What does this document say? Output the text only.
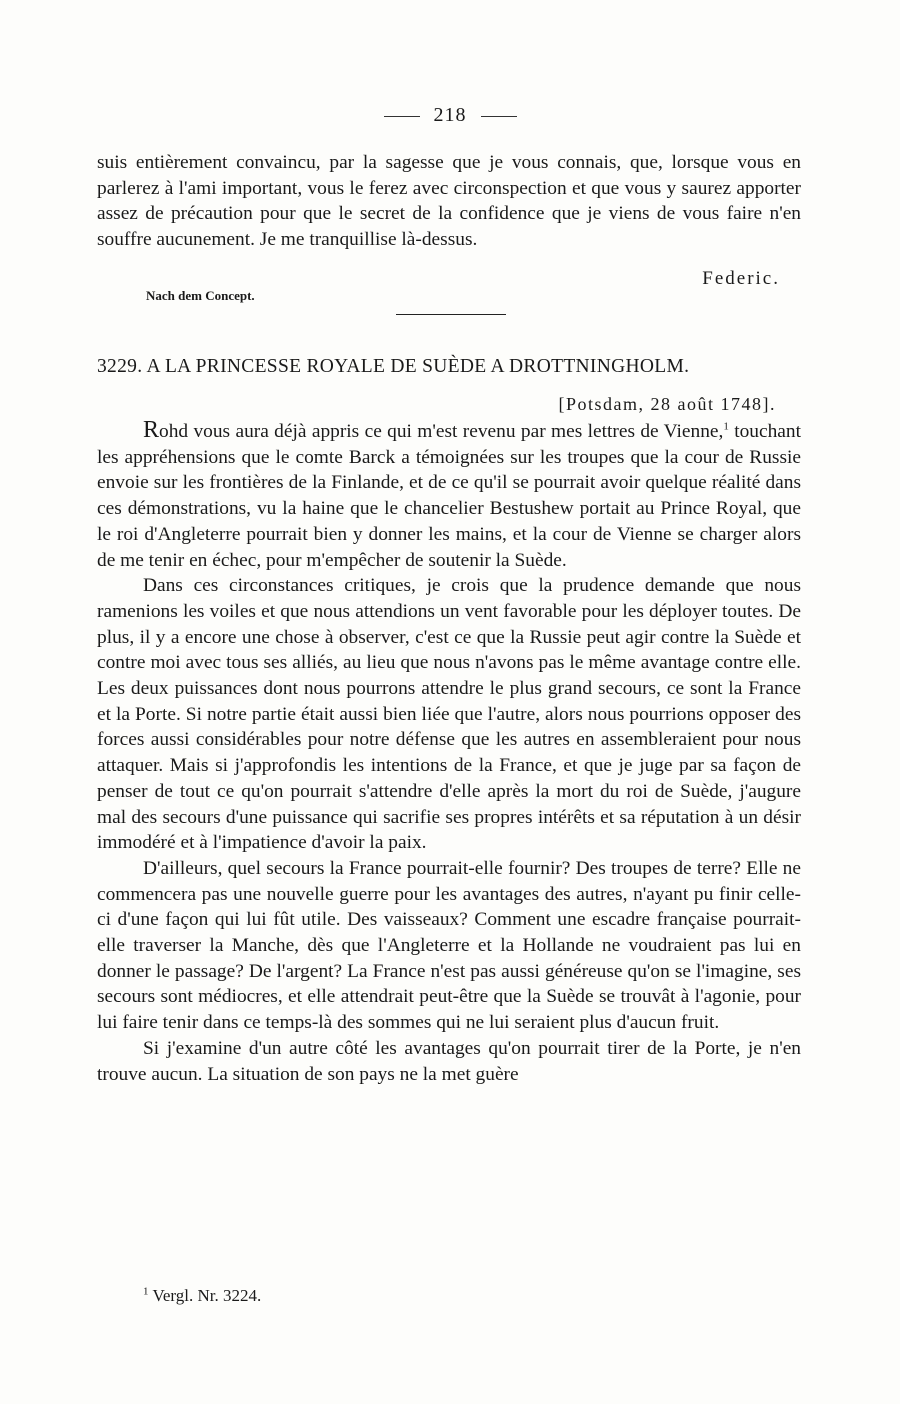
218

suis entièrement convaincu, par la sagesse que je vous connais, que, lorsque vous en parlerez à l'ami important, vous le ferez avec circonspection et que vous y saurez apporter assez de précaution pour que le secret de la confidence que je viens de vous faire n'en souffre aucunement. Je me tranquillise là-dessus.

Federic.
Nach dem Concept.
3229. A LA PRINCESSE ROYALE DE SUÈDE A DROTTNINGHOLM.
[Potsdam, 28 août 1748].

Rohd vous aura déjà appris ce qui m'est revenu par mes lettres de Vienne,$^1$ touchant les appréhensions que le comte Barck a témoignées sur les troupes que la cour de Russie envoie sur les frontières de la Finlande, et de ce qu'il se pourrait avoir quelque réalité dans ces démonstrations, vu la haine que le chancelier Bestushew portait au Prince Royal, que le roi d'Angleterre pourrait bien y donner les mains, et la cour de Vienne se charger alors de me tenir en échec, pour m'empêcher de soutenir la Suède.

Dans ces circonstances critiques, je crois que la prudence demande que nous ramenions les voiles et que nous attendions un vent favorable pour les déployer toutes. De plus, il y a encore une chose à observer, c'est ce que la Russie peut agir contre la Suède et contre moi avec tous ses alliés, au lieu que nous n'avons pas le même avantage contre elle. Les deux puissances dont nous pourrons attendre le plus grand secours, ce sont la France et la Porte. Si notre partie était aussi bien liée que l'autre, alors nous pourrions opposer des forces aussi considérables pour notre défense que les autres en assembleraient pour nous attaquer. Mais si j'approfondis les intentions de la France, et que je juge par sa façon de penser de tout ce qu'on pourrait s'attendre d'elle après la mort du roi de Suède, j'augure mal des secours d'une puissance qui sacrifie ses propres intérêts et sa réputation à un désir immodéré et à l'impatience d'avoir la paix.

D'ailleurs, quel secours la France pourrait-elle fournir? Des troupes de terre? Elle ne commencera pas une nouvelle guerre pour les avantages des autres, n'ayant pu finir celle-ci d'une façon qui lui fût utile. Des vaisseaux? Comment une escadre française pourrait-elle traverser la Manche, dès que l'Angleterre et la Hollande ne voudraient pas lui en donner le passage? De l'argent? La France n'est pas aussi généreuse qu'on se l'imagine, ses secours sont médiocres, et elle attendrait peut-être que la Suède se trouvât à l'agonie, pour lui faire tenir dans ce temps-là des sommes qui ne lui seraient plus d'aucun fruit.

Si j'examine d'un autre côté les avantages qu'on pourrait tirer de la Porte, je n'en trouve aucun. La situation de son pays ne la met guère

$^1$ Vergl. Nr. 3224.
